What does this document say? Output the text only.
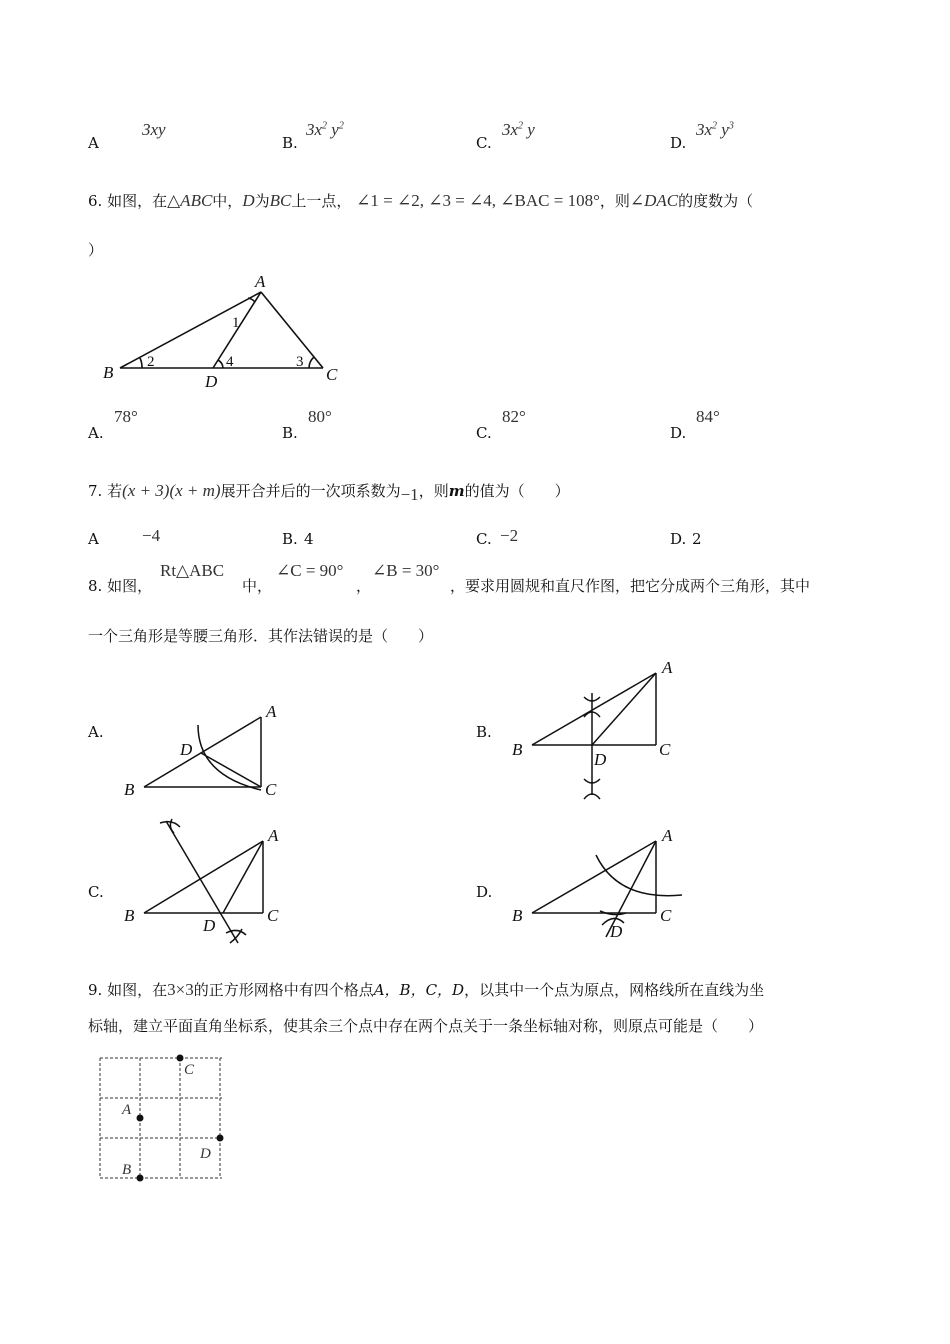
A
3xy
B.
$3x^2$ $y^2$
C.
$3x^2$ y
D.
$3x^2$ $y^3$
6. 如图，在△ABC中，D为BC上一点， ∠1 = ∠2, ∠3 = ∠4, ∠BAC = 108°，则∠DAC的度数为（
）
A
B	C
D
1
2	3
4
A.
78°
B.
80°
C.
82°
D.
84°
7. 若(x + 3)(x + m)展开合并后的一次项系数为$_{-1}$，则m的值为（　　）
A	−4	B. 4	C. −2	D. 2
8. 如图，
Rt△ABC
中，
∠C = 90°
，
∠B = 30°
，要求用圆规和直尺作图，把它分成两个三角形，其中
一个三角形是等腰三角形．其作法错误的是（　　）
A.
A
B	C
D
B.
A
B	C
D
C.
A
B	C
D
D.
A
B	C
D
9. 如图，在3×3的正方形网格中有四个格点A，B，C，D，以其中一个点为原点，网格线所在直线为坐
标轴，建立平面直角坐标系，使其余三个点中存在两个点关于一条坐标轴对称，则原点可能是（　　）
A
B
C
D
